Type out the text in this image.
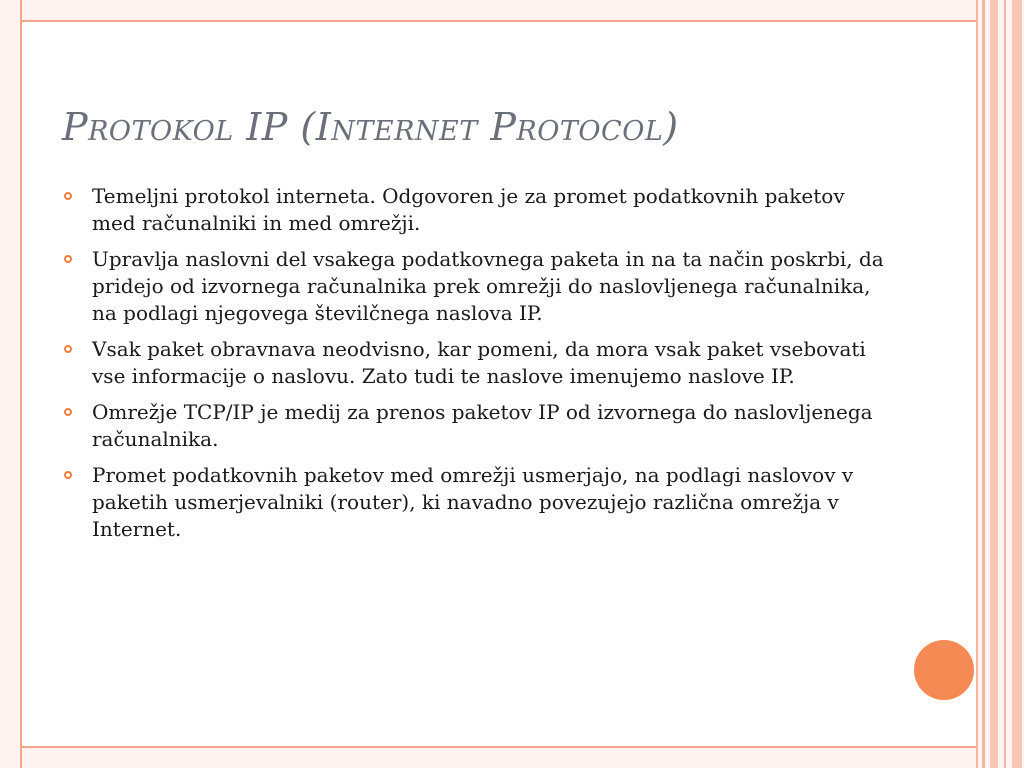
Protokol IP (Internet Protocol)
Temeljni protokol interneta. Odgovoren je za promet podatkovnih paketov med računalniki in med omrežji.
Upravlja naslovni del vsakega podatkovnega paketa in na ta način poskrbi, da pridejo od izvornega računalnika prek omrežji do naslovljenega računalnika, na podlagi njegovega številčnega naslova IP.
Vsak paket obravnava neodvisno, kar pomeni, da mora vsak paket vsebovati vse informacije o naslovu. Zato tudi te naslove imenujemo naslove IP.
Omrežje TCP/IP je medij za prenos paketov IP od izvornega do naslovljenega računalnika.
Promet podatkovnih paketov med omrežji usmerjajo, na podlagi naslovov v paketih usmerjevalniki (router), ki navadno povezujejo različna omrežja v Internet.
